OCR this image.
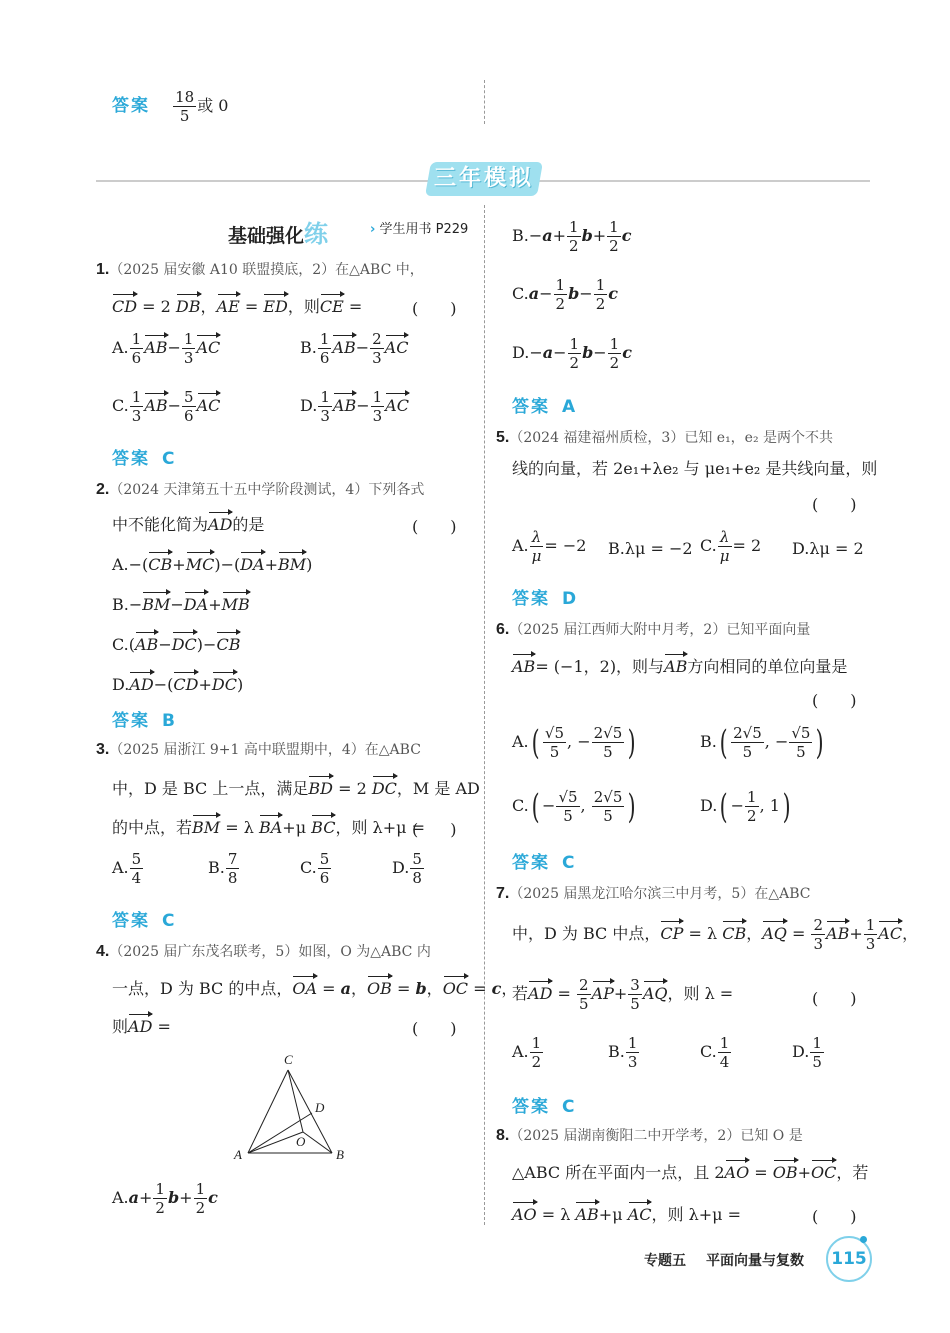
答案 $\frac{18}{5}$ 或 0
三年模拟
基础强化练	› 学生用书 P229
1.（2025 届安徽 A10 联盟摸底，2）在△ABC 中，
CD = 2 DB，AE = ED，则CE =	(　　)
A. $\frac{1}{6} AB- \frac{1}{3}$ AC	B. $\frac{1}{6} AB- \frac{2}{3}$ AC
C. $\frac{1}{3} AB- \frac{5}{6}$ AC	D. $\frac{1}{3} AB- \frac{1}{3}$ AC
答案 C
2.（2024 天津第五十五中学阶段测试，4）下列各式
中不能化简为AD的是	(　　)
A.−(CB+MC)−(DA+BM)
B.−BM−DA+MB
C.(AB−DC)−CB
D.AD−(CD+DC)
答案 B
3.（2025 届浙江 9+1 高中联盟期中，4）在△ABC
中，D 是 BC 上一点，满足BD = 2 DC，M 是 AD
的中点，若BM = λ BA+μ BC，则 λ+μ =
(　　)
A. $\frac{5}{4}$	B. $\frac{7}{8}$	C. $\frac{5}{6}$	D. $\frac{5}{8}$
答案 C
4.（2025 届广东茂名联考，5）如图，O 为△ABC 内
一点，D 为 BC 的中点，OA = a，OB = b，OC = c，
则AD =	(　　)
A	B
C
D
O
$A.a+ \frac{1}{2} b+ \frac{1}{2}$ c
$B.-a+ \frac{1}{2} b+ \frac{1}{2}$ c
$C.a- \frac{1}{2} b- \frac{1}{2}$ c
$D.-a- \frac{1}{2} b- \frac{1}{2}$ c
答案 A
5.（2024 福建福州质检，3）已知 e₁，e₂ 是两个不共
线的向量，若 2e₁+λe₂ 与 μe₁+e₂ 是共线向量，则
(　　)
A. $\frac{\lambda}{\mu} = -2$ B.λμ = −2 C. $\frac{\lambda}{\mu} = 2$ D.λμ = 2
答案 D
6.（2025 届江西师大附中月考，2）已知平面向量
AB= (−1，2)，则与AB方向相同的单位向量是
(　　)
$A.( \frac{√5}{5}$ , − $\frac{2√5}{5}$ )	$B.( \frac{2√5}{5}$ , − $\frac{√5}{5}$ )
$C.( - \frac{√5}{5}$ , $\frac{2√5}{5}$ )	$D.( - \frac{1}{2}$ , 1)
答案 C
7.（2025 届黑龙江哈尔滨三中月考，5）在△ABC
中，D 为 BC 中点，CP = λ CB，AQ = $\frac{2}{3} AB+ \frac{1}{3}$ AC，
若AD = $\frac{2}{5} AP+ \frac{3}{5}$ AQ，则 λ =	(　　)
A. $\frac{1}{2}$	B. $\frac{1}{3}$	C. $\frac{1}{4}$	D. $\frac{1}{5}$
答案 C
8.（2025 届湖南衡阳二中开学考，2）已知 O 是
△ABC 所在平面内一点，且 2AO = OB+OC，若
AO = λ AB+μ AC，则 λ+μ =	(　　)
专题五 平面向量与复数	115
